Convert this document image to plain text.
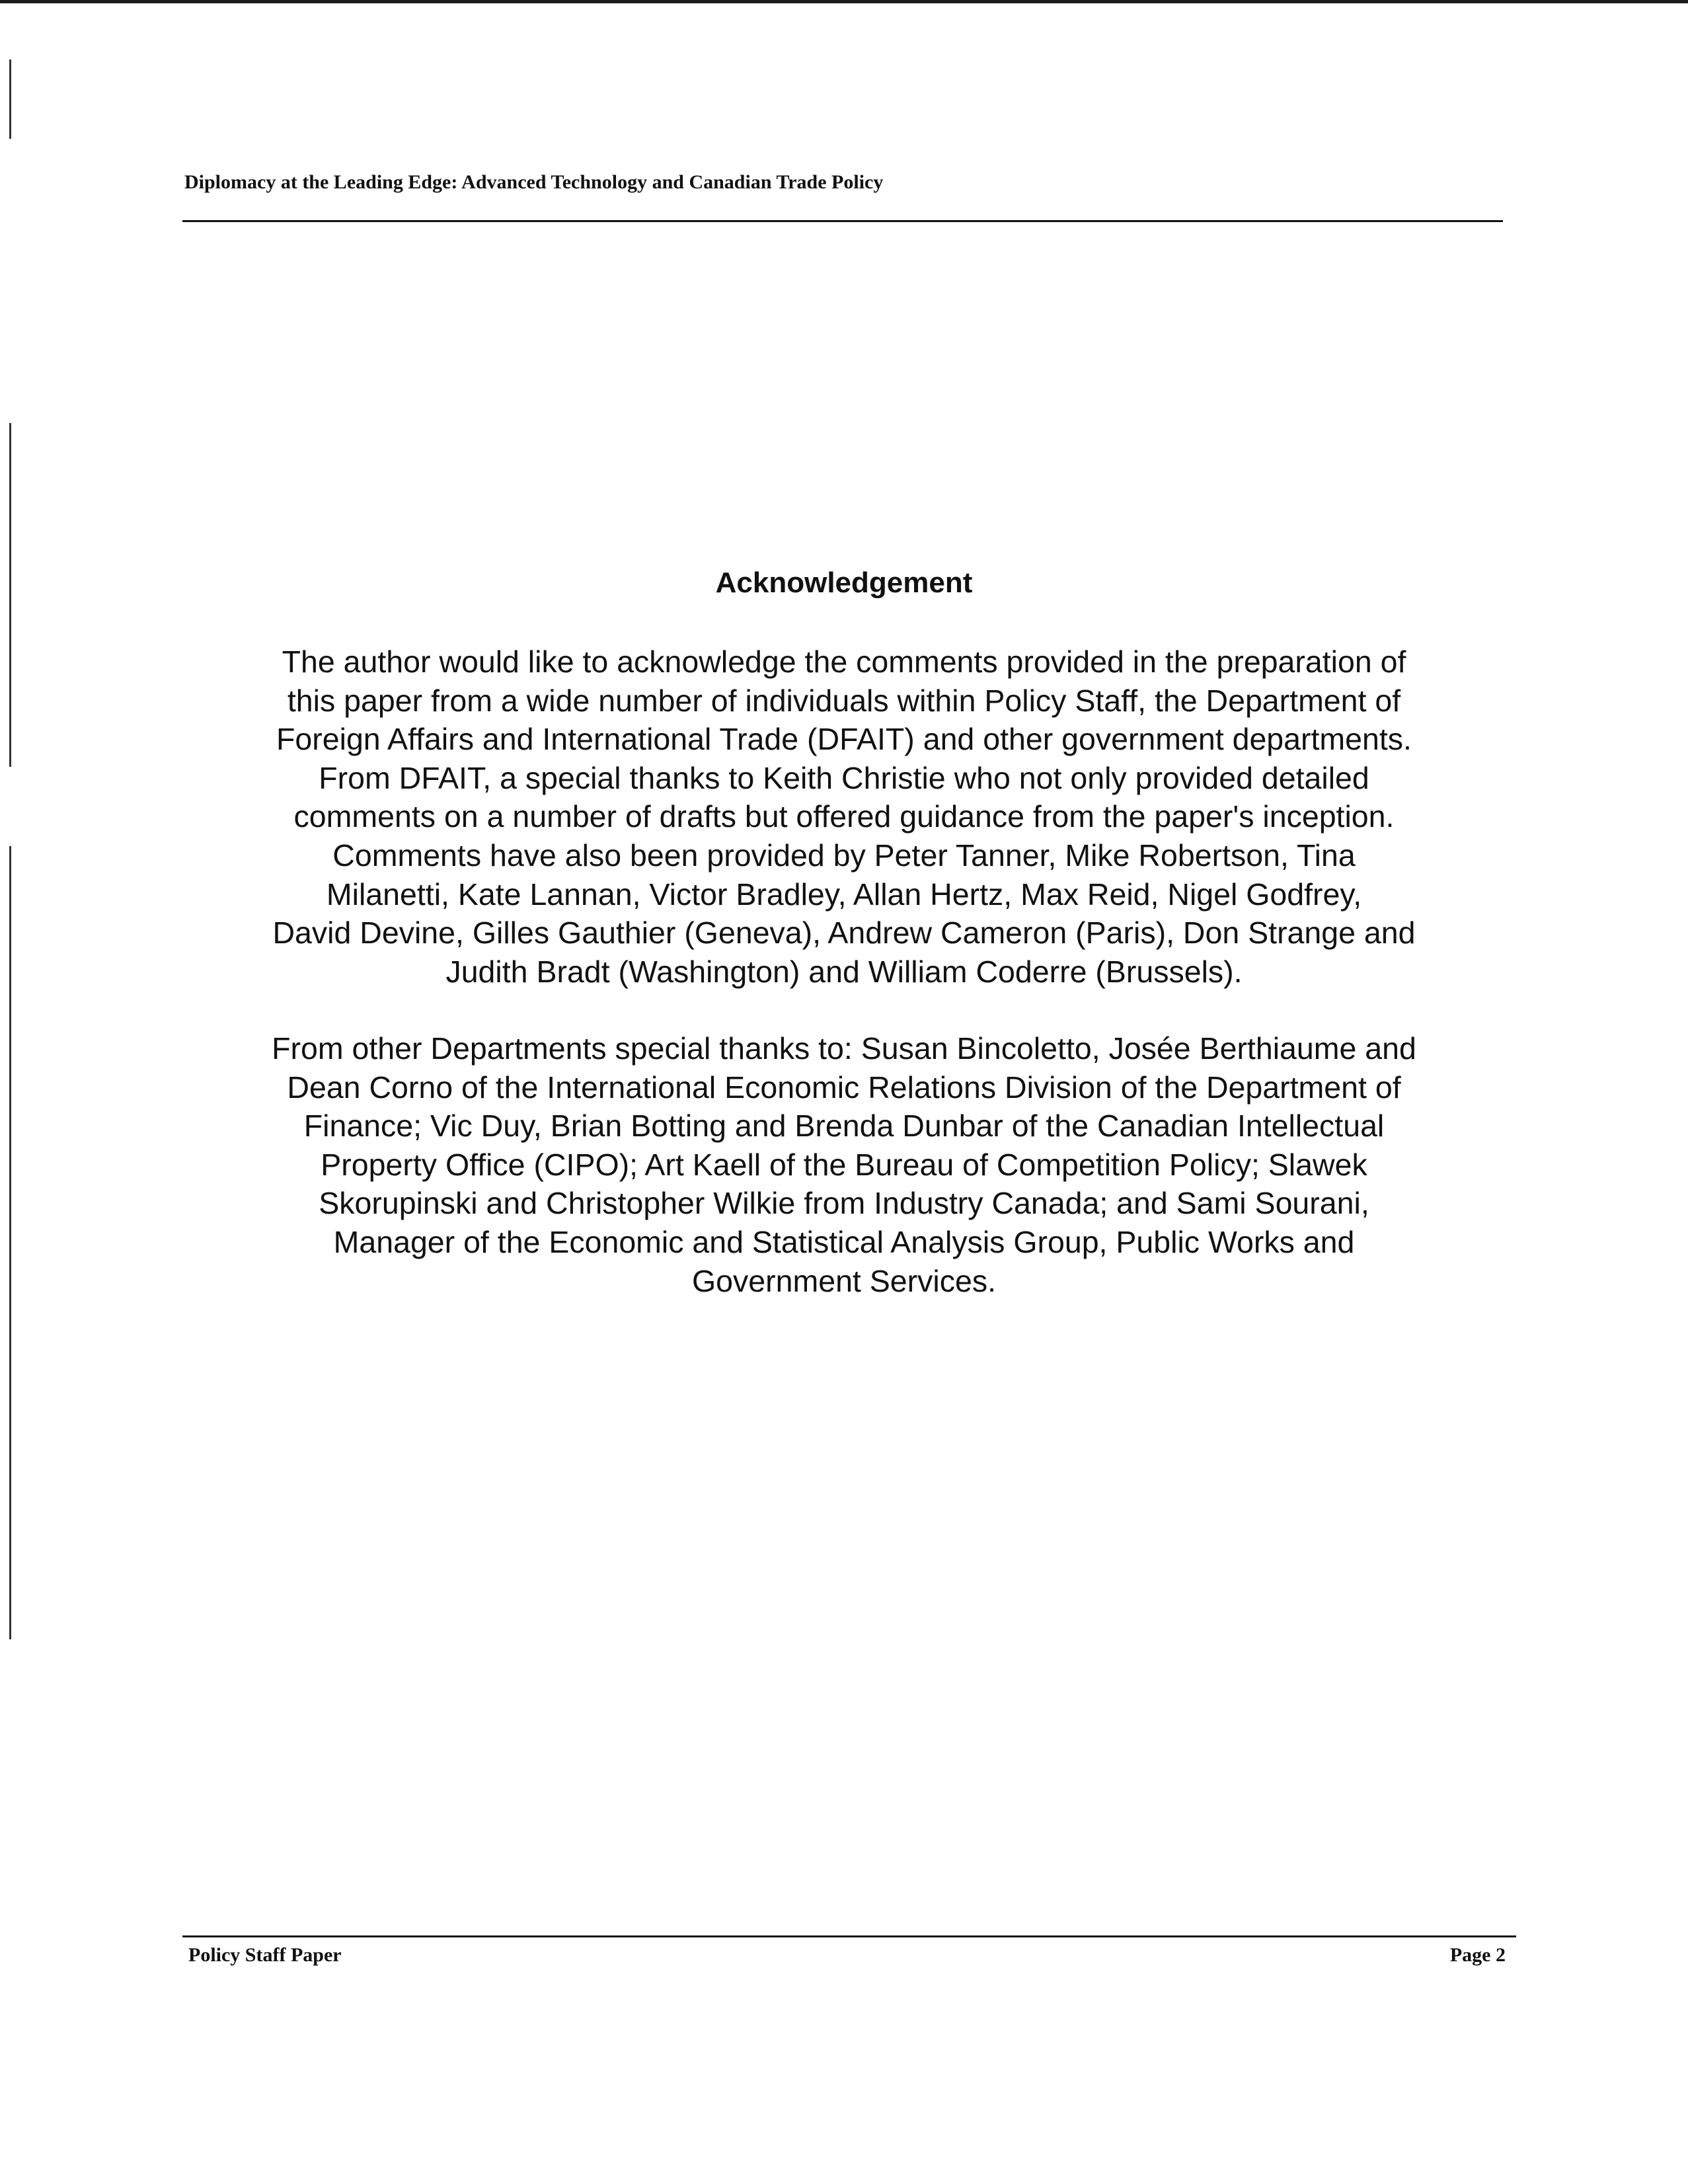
Diplomacy at the Leading Edge: Advanced Technology and Canadian Trade Policy
Acknowledgement
The author would like to acknowledge the comments provided in the preparation of
this paper from a wide number of individuals within Policy Staff, the Department of
Foreign Affairs and International Trade (DFAIT) and other government departments.
From DFAIT, a special thanks to Keith Christie who not only provided detailed
comments on a number of drafts but offered guidance from the paper's inception.
Comments have also been provided by Peter Tanner, Mike Robertson, Tina
Milanetti, Kate Lannan, Victor Bradley, Allan Hertz, Max Reid, Nigel Godfrey,
David Devine, Gilles Gauthier (Geneva), Andrew Cameron (Paris), Don Strange and
Judith Bradt (Washington) and William Coderre (Brussels).
From other Departments special thanks to: Susan Bincoletto, Josée Berthiaume and
Dean Corno of the International Economic Relations Division of the Department of
Finance; Vic Duy, Brian Botting and Brenda Dunbar of the Canadian Intellectual
Property Office (CIPO); Art Kaell of the Bureau of Competition Policy; Slawek
Skorupinski and Christopher Wilkie from Industry Canada; and Sami Sourani,
Manager of the Economic and Statistical Analysis Group, Public Works and
Government Services.
Policy Staff Paper	Page 2
